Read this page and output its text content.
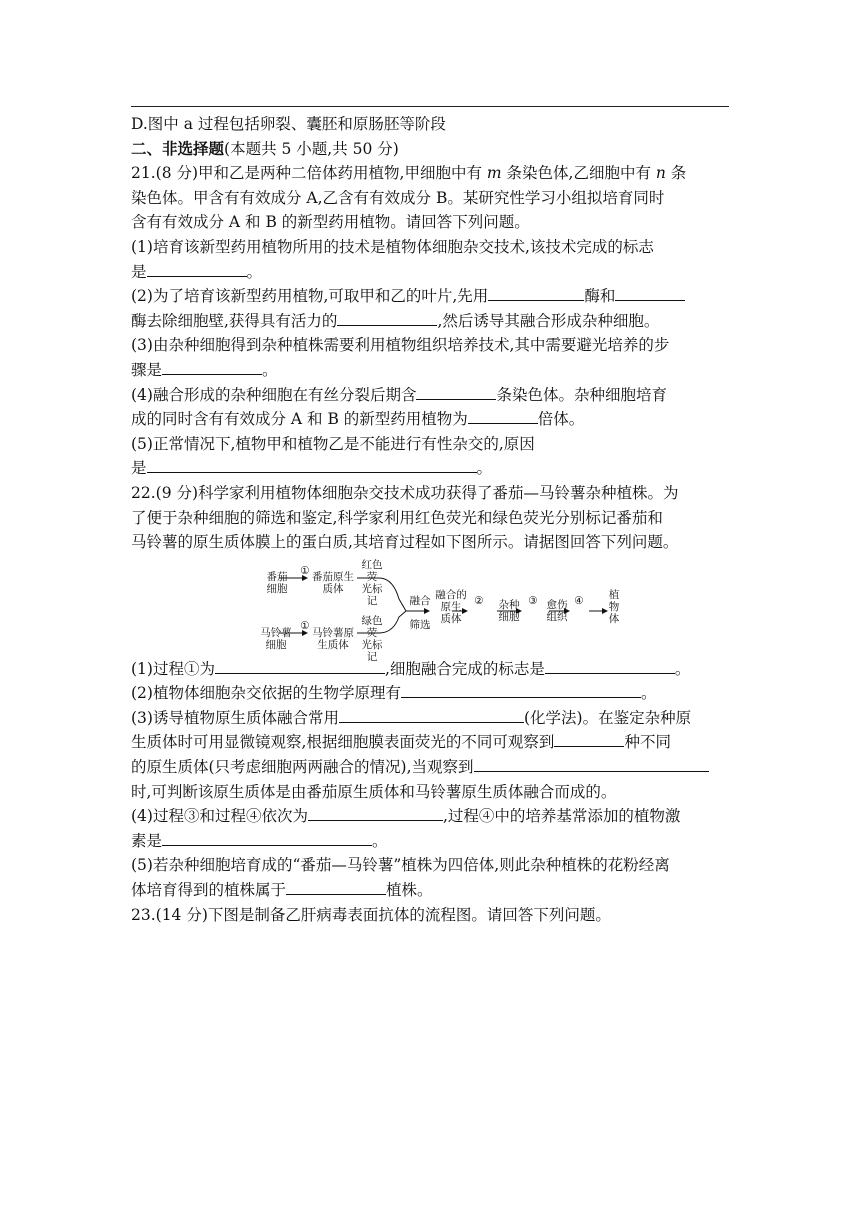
D.图中 a 过程包括卵裂、囊胚和原肠胚等阶段

二、非选择题(本题共 5 小题,共 50 分)

21.(8 分)甲和乙是两种二倍体药用植物,甲细胞中有 m 条染色体,乙细胞中有 n 条

染色体。甲含有有效成分 A,乙含有有效成分 B。某研究性学习小组拟培育同时

含有有效成分 A 和 B 的新型药用植物。请回答下列问题。

(1)培育该新型药用植物所用的技术是植物体细胞杂交技术,该技术完成的标志

是	。

(2)为了培育该新型药用植物,可取甲和乙的叶片,先用	酶和

酶去除细胞壁,获得具有活力的	,然后诱导其融合形成杂种细胞。

(3)由杂种细胞得到杂种植株需要利用植物组织培养技术,其中需要避光培养的步

骤是	。

(4)融合形成的杂种细胞在有丝分裂后期含	条染色体。杂种细胞培育

成的同时含有有效成分 A 和 B 的新型药用植物为	倍体。

(5)正常情况下,植物甲和植物乙是不能进行有性杂交的,原因

是	。

22.(9 分)科学家利用植物体细胞杂交技术成功获得了番茄—马铃薯杂种植株。为

了便于杂种细胞的筛选和鉴定,科学家利用红色荧光和绿色荧光分别标记番茄和

马铃薯的原生质体膜上的蛋白质,其培育过程如下图所示。请据图回答下列问题。

番茄
细胞
① 番茄原生质体
红色荧
光标记
马铃薯
细胞
①
马铃薯原
生质体
绿色荧
光标记
融合

筛选
融合的
原生
质体
②	杂种
细胞
③ 愈伤
组织
④	植
物
体

(1)过程①为	,细胞融合完成的标志是	。

(2)植物体细胞杂交依据的生物学原理有	。

(3)诱导植物原生质体融合常用	(化学法)。在鉴定杂种原

生质体时可用显微镜观察,根据细胞膜表面荧光的不同可观察到	种不同

的原生质体(只考虑细胞两两融合的情况),当观察到

时,可判断该原生质体是由番茄原生质体和马铃薯原生质体融合而成的。

(4)过程③和过程④依次为	,过程④中的培养基常添加的植物激

素是	。

(5)若杂种细胞培育成的“番茄—马铃薯”植株为四倍体,则此杂种植株的花粉经离

体培育得到的植株属于	植株。

23.(14 分)下图是制备乙肝病毒表面抗体的流程图。请回答下列问题。
